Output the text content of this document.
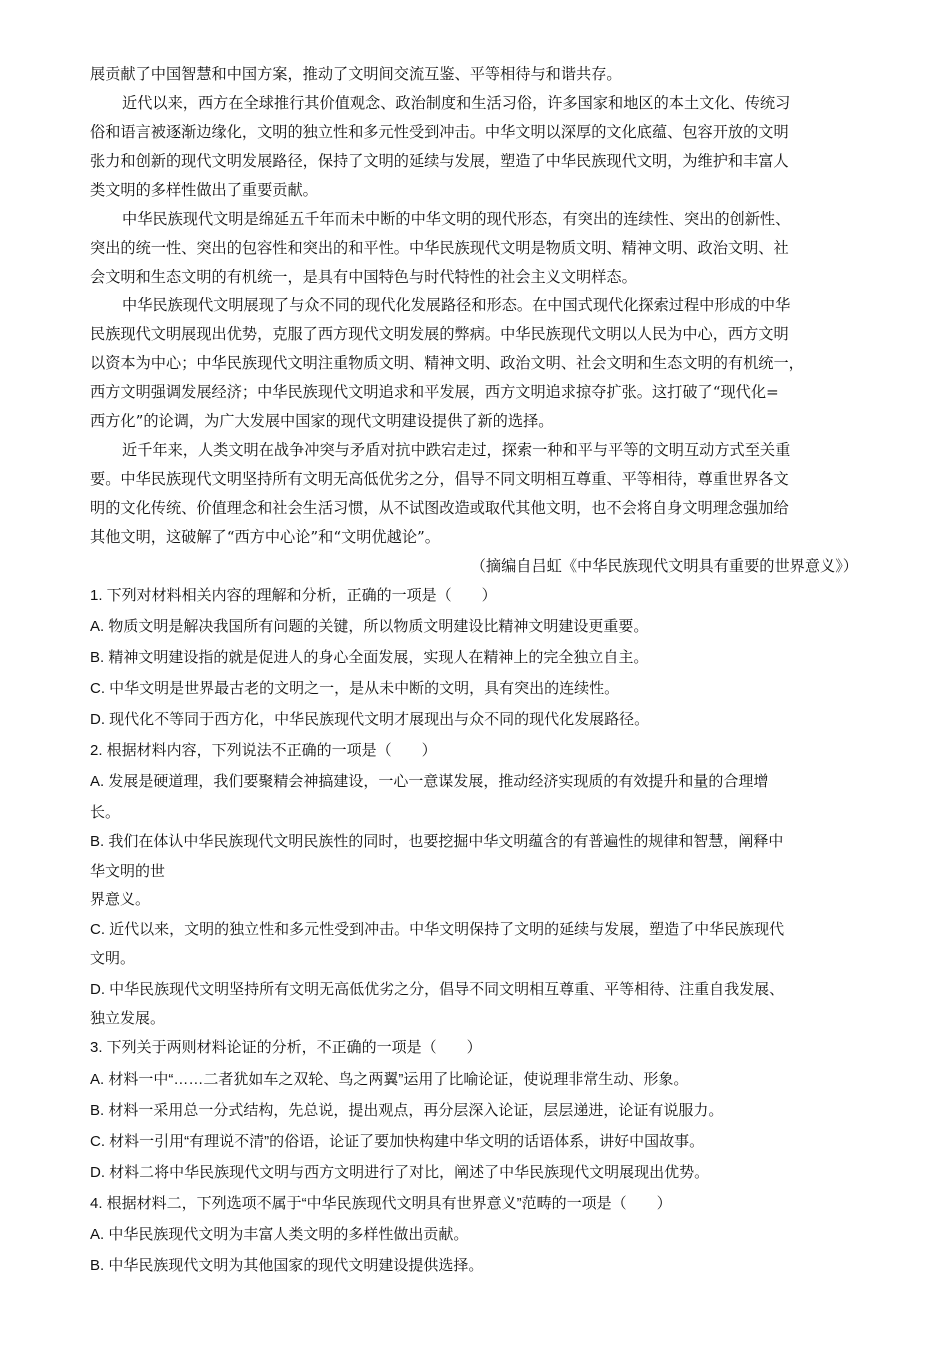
展贡献了中国智慧和中国方案，推动了文明间交流互鉴、平等相待与和谐共存。
近代以来，西方在全球推行其价值观念、政治制度和生活习俗，许多国家和地区的本土文化、传统习
俗和语言被逐渐边缘化，文明的独立性和多元性受到冲击。中华文明以深厚的文化底蕴、包容开放的文明
张力和创新的现代文明发展路径，保持了文明的延续与发展，塑造了中华民族现代文明，为维护和丰富人
类文明的多样性做出了重要贡献。
中华民族现代文明是绵延五千年而未中断的中华文明的现代形态，有突出的连续性、突出的创新性、
突出的统一性、突出的包容性和突出的和平性。中华民族现代文明是物质文明、精神文明、政治文明、社
会文明和生态文明的有机统一，是具有中国特色与时代特性的社会主义文明样态。
中华民族现代文明展现了与众不同的现代化发展路径和形态。在中国式现代化探索过程中形成的中华
民族现代文明展现出优势，克服了西方现代文明发展的弊病。中华民族现代文明以人民为中心，西方文明
以资本为中心；中华民族现代文明注重物质文明、精神文明、政治文明、社会文明和生态文明的有机统一，
西方文明强调发展经济；中华民族现代文明追求和平发展，西方文明追求掠夺扩张。这打破了“现代化=
西方化”的论调，为广大发展中国家的现代文明建设提供了新的选择。
近千年来，人类文明在战争冲突与矛盾对抗中跌宕走过，探索一种和平与平等的文明互动方式至关重
要。中华民族现代文明坚持所有文明无高低优劣之分，倡导不同文明相互尊重、平等相待，尊重世界各文
明的文化传统、价值理念和社会生活习惯，从不试图改造或取代其他文明，也不会将自身文明理念强加给
其他文明，这破解了“西方中心论”和“文明优越论”。
（摘编自吕虹《中华民族现代文明具有重要的世界意义》）
1. 下列对材料相关内容的理解和分析，正确的一项是（　　）
A. 物质文明是解决我国所有问题的关键，所以物质文明建设比精神文明建设更重要。
B. 精神文明建设指的就是促进人的身心全面发展，实现人在精神上的完全独立自主。
C. 中华文明是世界最古老的文明之一，是从未中断的文明，具有突出的连续性。
D. 现代化不等同于西方化，中华民族现代文明才展现出与众不同的现代化发展路径。
2. 根据材料内容，下列说法不正确的一项是（　　）
A. 发展是硬道理，我们要聚精会神搞建设，一心一意谋发展，推动经济实现质的有效提升和量的合理增
长。
B. 我们在体认中华民族现代文明民族性的同时，也要挖掘中华文明蕴含的有普遍性的规律和智慧，阐释中
华文明的世
界意义。
C. 近代以来，文明的独立性和多元性受到冲击。中华文明保持了文明的延续与发展，塑造了中华民族现代
文明。
D. 中华民族现代文明坚持所有文明无高低优劣之分，倡导不同文明相互尊重、平等相待、注重自我发展、
独立发展。
3. 下列关于两则材料论证的分析，不正确的一项是（　　）
A. 材料一中“……二者犹如车之双轮、鸟之两翼”运用了比喻论证，使说理非常生动、形象。
B. 材料一采用总一分式结构，先总说，提出观点，再分层深入论证，层层递进，论证有说服力。
C. 材料一引用“有理说不清”的俗语，论证了要加快构建中华文明的话语体系，讲好中国故事。
D. 材料二将中华民族现代文明与西方文明进行了对比，阐述了中华民族现代文明展现出优势。
4. 根据材料二，下列选项不属于“中华民族现代文明具有世界意义”范畴的一项是（　　）
A. 中华民族现代文明为丰富人类文明的多样性做出贡献。
B. 中华民族现代文明为其他国家的现代文明建设提供选择。
